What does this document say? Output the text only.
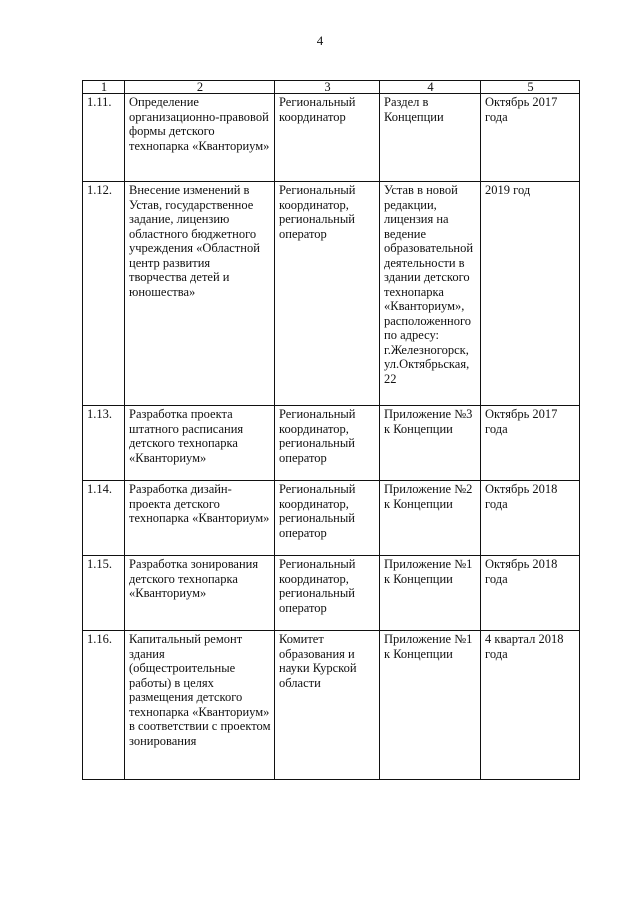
4
1	2	3	4	5
1.11.	Определение организационно-правовой формы детского технопарка «Кванториум»	Региональный координатор	Раздел в Концепции	Октябрь 2017 года
1.12.	Внесение изменений в Устав, государственное задание, лицензию областного бюджетного учреждения «Областной центр развития творчества детей и юношества»	Региональный координатор, региональный оператор	Устав в новой редакции, лицензия на ведение образовательной деятельности в здании детского технопарка «Кванториум», расположенного по адресу: г.Железногорск, ул.Октябрьская, 22	2019 год
1.13.	Разработка проекта штатного расписания детского технопарка «Кванториум»	Региональный координатор, региональный оператор	Приложение №3 к Концепции	Октябрь 2017 года
1.14.	Разработка дизайн-проекта детского технопарка «Кванториум»	Региональный координатор, региональный оператор	Приложение №2 к Концепции	Октябрь 2018 года
1.15.	Разработка зонирования детского технопарка «Кванториум»	Региональный координатор, региональный оператор	Приложение №1 к Концепции	Октябрь 2018 года
1.16.	Капитальный ремонт здания (общестроительные работы) в целях размещения детского технопарка «Кванториум» в соответствии с проектом зонирования	Комитет образования и науки Курской области	Приложение №1 к Концепции	4 квартал 2018 года
